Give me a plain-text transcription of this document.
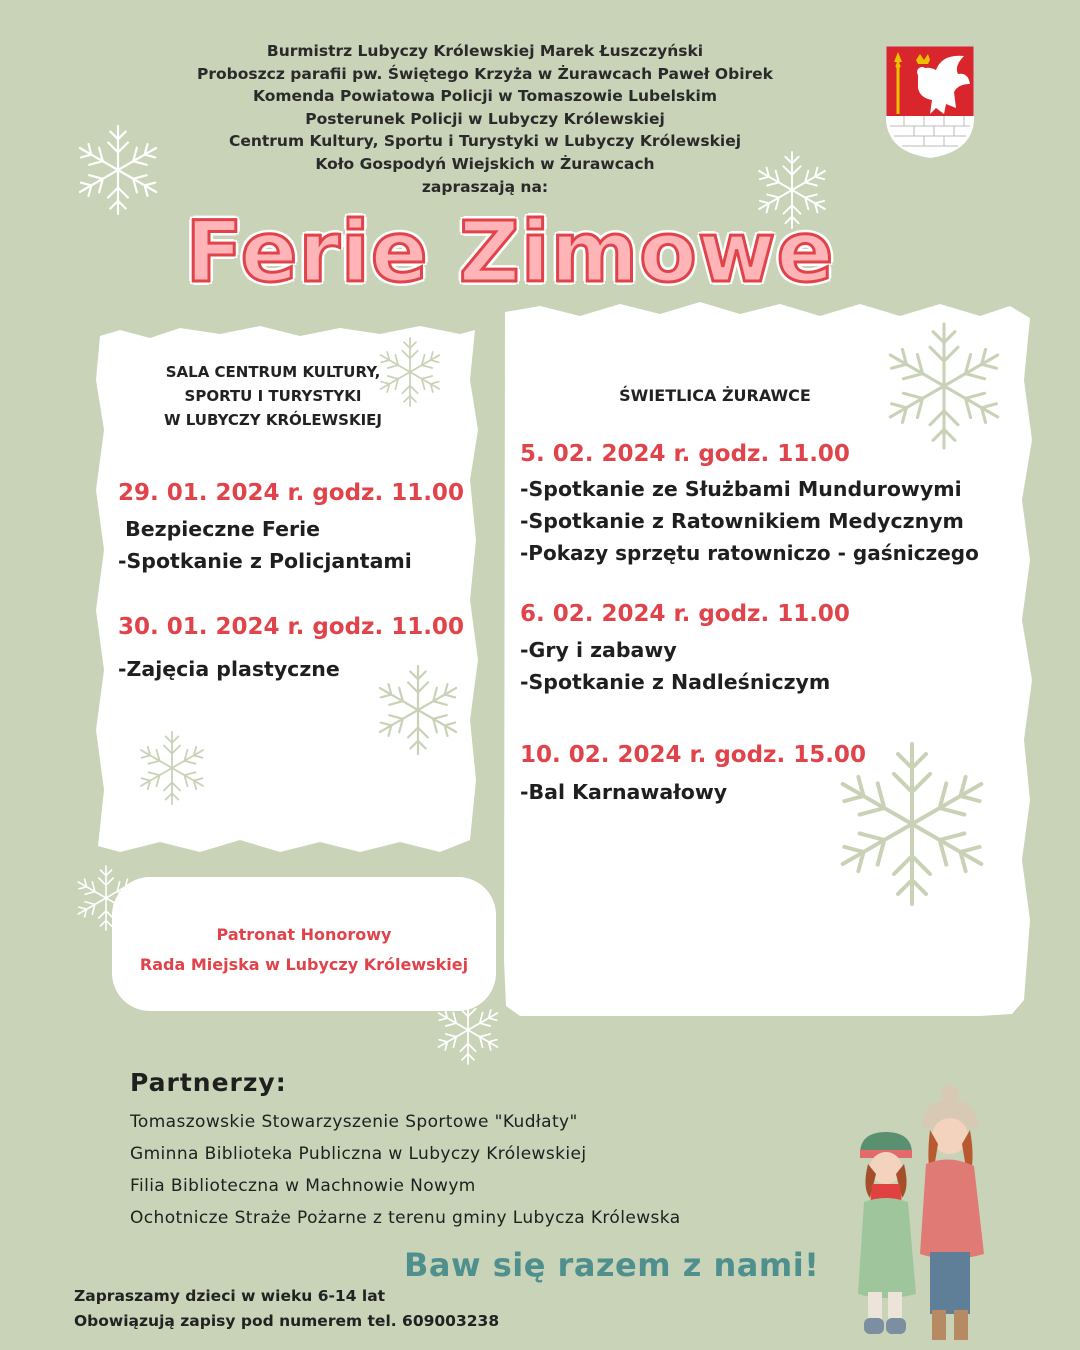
Burmistrz Lubyczy Królewskiej Marek Łuszczyński
Proboszcz parafii pw. Świętego Krzyża w Żurawcach Paweł Obirek
Komenda Powiatowa Policji w Tomaszowie Lubelskim
Posterunek Policji w Lubyczy Królewskiej
Centrum Kultury, Sportu i Turystyki w Lubyczy Królewskiej
Koło Gospodyń Wiejskich w Żurawcach
zapraszają na:
Ferie Zimowe
SALA CENTRUM KULTURY,
SPORTU I TURYSTYKI
W LUBYCZY KRÓLEWSKIEJ
29. 01. 2024 r. godz. 11.00
Bezpieczne Ferie
-Spotkanie z Policjantami
30. 01. 2024 r. godz. 11.00
-Zajęcia plastyczne
ŚWIETLICA ŻURAWCE
5. 02. 2024 r. godz. 11.00
-Spotkanie ze Służbami Mundurowymi
-Spotkanie z Ratownikiem Medycznym
-Pokazy sprzętu ratowniczo - gaśniczego
6. 02. 2024 r. godz. 11.00
-Gry i zabawy
-Spotkanie z Nadleśniczym
10. 02. 2024 r. godz. 15.00
-Bal Karnawałowy
Patronat Honorowy
Rada Miejska w Lubyczy Królewskiej
Partnerzy:
Tomaszowskie Stowarzyszenie Sportowe "Kudłaty"
Gminna Biblioteka Publiczna w Lubyczy Królewskiej
Filia Biblioteczna w Machnowie Nowym
Ochotnicze Straże Pożarne z terenu gminy Lubycza Królewska
Baw się razem z nami!
Zapraszamy dzieci w wieku 6-14 lat
Obowiązują zapisy pod numerem tel. 609003238
